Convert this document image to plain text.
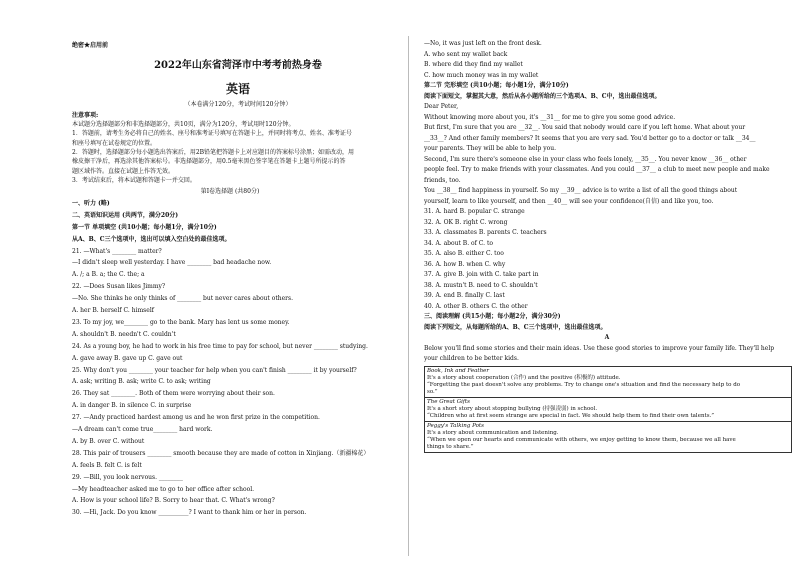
绝密★启用前
2022年山东省菏泽市中考考前热身卷
英语
（本卷满分120分，考试时间120分钟）
注意事项:
本试题分选择题部分和非选择题部分，共10页，满分为120分，考试用时120分钟。
1．答题前，请考生务必将自己的姓名、座号和准考证号填写在答题卡上，并同时将考点、姓名、准考证号
和座号填写在试卷规定的位置。
2．答题时，选择题部分每小题选出答案后，用2B铅笔把答题卡上对应题目的答案标号涂黑；如需改动，用
橡皮擦干净后，再选涂其他答案标号。非选择题部分，用0.5毫米黑色签字笔在答题卡上题号所提示的答
题区域作答。直接在试题上作答无效。
3．考试结束后，将本试题和答题卡一并交回。
第Ⅰ卷选择题 (共80分)
一、听力 (略)
二、英语知识运用 (共两节，满分20分)
第一节 单项填空 (共10小题；每小题1分，满分10分)
从A、B、C三个选项中，选出可以填入空白处的最佳选项。
21. —What's ________ matter?
—I didn't sleep well yesterday. I have ________ bad headache now.
A. /; a B. a; the C. the; a
22. —Does Susan likes Jimmy?
—No. She thinks he only thinks of ________ but never cares about others.
A. her B. herself C. himself
23. To my joy, we________ go to the bank. Mary has lent us some money.
A. shouldn't B. needn't C. couldn't
24. As a young boy, he had to work in his free time to pay for school, but never ________ studying.
A. gave away B. gave up C. gave out
25. Why don't you ________ your teacher for help when you can't finish ________ it by yourself?
A. ask; writing B. ask; write C. to ask; writing
26. They sat ________. Both of them were worrying about their son.
A. in danger B. in silence C. in surprise
27. —Andy practiced hardest among us and he won first prize in the competition.
—A dream can't come true________ hard work.
A. by B. over C. without
28. This pair of trousers ________ smooth because they are made of cotton in Xinjiang.（新疆棉花）
A. feels B. felt C. is felt
29. —Bill, you look nervous. ________
—My headteacher asked me to go to her office after school.
A. How is your school life? B. Sorry to hear that. C. What's wrong?
30. —Hi, Jack. Do you know __________? I want to thank him or her in person.
—No, it was just left on the front desk.
A. who sent my wallet back
B. where did they find my wallet
C. how much money was in my wallet
第二节 完形填空 (共10小题；每小题1分，满分10分)
阅读下面短文，掌握其大意，然后从各小题所给的三个选项A、B、C中，选出最佳选项。
Dear Peter,
Without knowing more about you, it's __31__ for me to give you some good advice.
But first, I'm sure that you are __32__. You said that nobody would care if you left home. What about your
__33__? And other family members? It seems that you are very sad. You'd better go to a doctor or talk __34__
your parents. They will be able to help you.
Second, I'm sure there's someone else in your class who feels lonely, __35__. You never know __36__ other
people feel. Try to make friends with your classmates. And you could __37__ a club to meet new people and make
friends, too.
You __38__ find happiness in yourself. So my __39__ advice is to write a list of all the good things about
yourself, learn to like yourself, and then __40__ will see your confidence(自信) and like you, too.
31. A. hard B. popular C. strange
32. A. OK B. right C. wrong
33. A. classmates B. parents C. teachers
34. A. about B. of C. to
35. A. also B. either C. too
36. A. how B. when C. why
37. A. give B. join with C. take part in
38. A. mustn't B. need to C. shouldn't
39. A. end B. finally C. last
40. A. other B. others C. the other
三、阅读理解 (共15小题；每小题2分，满分30分)
阅读下列短文，从每题所给的A、B、C三个选项中，选出最佳选项。
A
Below you'll find some stories and their main ideas. Use these good stories to improve your family life. They'll help
your children to be better kids.
Book, Ink and Feather
It's a story about cooperation (合作) and the positive (积极的) attitude.
“Forgetting the past doesn't solve any problems. Try to change one's situation and find the necessary help to do
so.”
The Great Gifts
It's a short story about stopping bullying (持强凌弱) in school.
“Children who at first seem strange are special in fact. We should help them to find their own talents.”
Peggy's Talking Pots
It's a story about communication and listening.
“When we open our hearts and communicate with others, we enjoy getting to know them, because we all have
things to share.”
